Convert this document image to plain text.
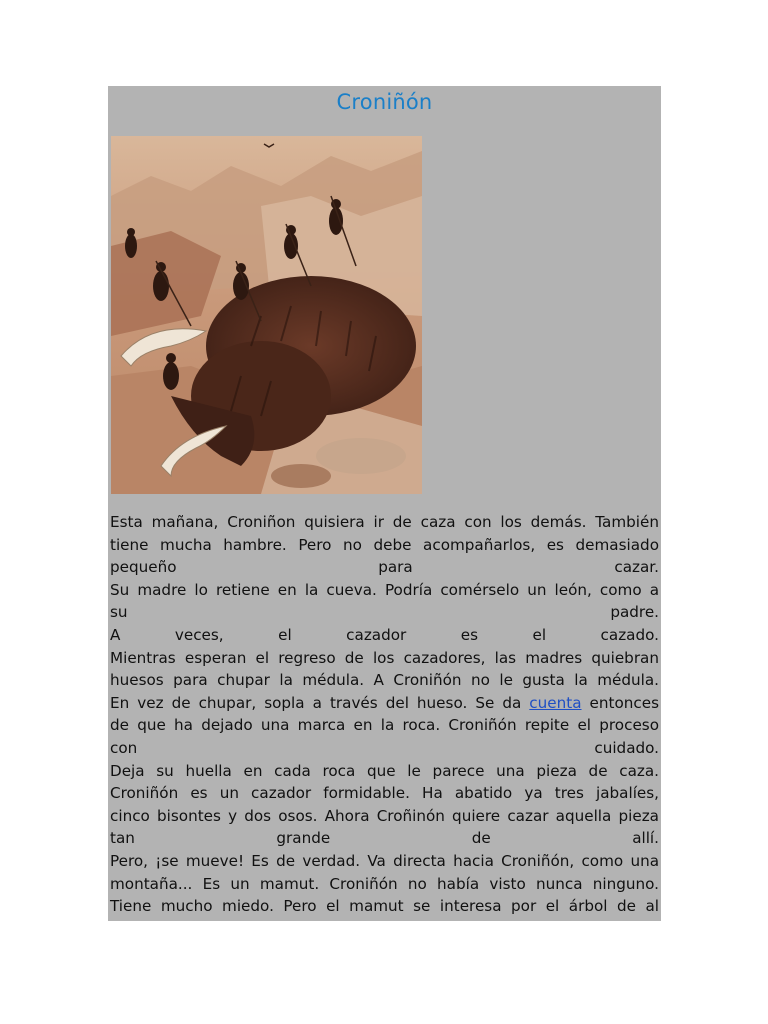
Croniñón
Esta mañana, Croniñon quisiera ir de caza con los demás. También
tiene mucha hambre. Pero no debe acompañarlos, es demasiado
pequeño	para	cazar.
Su madre lo retiene en la cueva. Podría comérselo un león, como a
su	padre.
A	veces,	el	cazador	es	el	cazado.
Mientras esperan el regreso de los cazadores, las madres quiebran
huesos para chupar la médula. A Croniñón no le gusta la médula.
En vez de chupar, sopla a través del hueso. Se da cuenta entonces
de que ha dejado una marca en la roca. Croniñón repite el proceso
con	cuidado.
Deja su huella en cada roca que le parece una pieza de caza.
Croniñón es un cazador formidable. Ha abatido ya tres jabalíes,
cinco bisontes y dos osos. Ahora Croñinón quiere cazar aquella pieza
tan	grande	de	allí.
Pero, ¡se mueve! Es de verdad. Va directa hacia Croniñón, como una
montaña... Es un mamut. Croniñón no había visto nunca ninguno.
Tiene mucho miedo. Pero el mamut se interesa por el árbol de al
